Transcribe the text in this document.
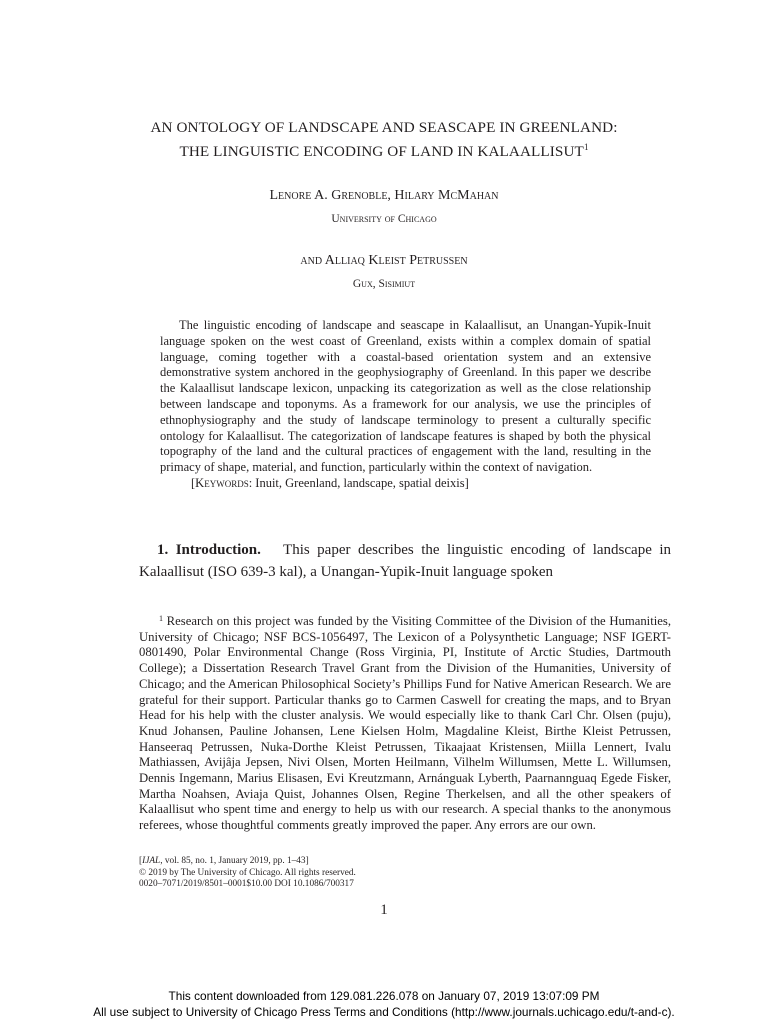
AN ONTOLOGY OF LANDSCAPE AND SEASCAPE IN GREENLAND: THE LINGUISTIC ENCODING OF LAND IN KALAALLISUT$^1$
Lenore A. Grenoble, Hilary McMahan
University of Chicago
and Alliaq Kleist Petrussen
Gux, Sisimiut

The linguistic encoding of landscape and seascape in Kalaallisut, an Unangan-Yupik-Inuit language spoken on the west coast of Greenland, exists within a complex domain of spatial language, coming together with a coastal-based orientation system and an extensive demonstrative system anchored in the geophysiography of Greenland. In this paper we describe the Kalaallisut landscape lexicon, unpacking its categorization as well as the close relationship between landscape and toponyms. As a framework for our analysis, we use the principles of ethnophysiography and the study of landscape terminology to present a culturally specific ontology for Kalaallisut. The categorization of landscape features is shaped by both the physical topography of the land and the cultural practices of engagement with the land, resulting in the primacy of shape, material, and function, particularly within the context of navigation.

[Keywords: Inuit, Greenland, landscape, spatial deixis]

1. Introduction. This paper describes the linguistic encoding of landscape in Kalaallisut (ISO 639-3 kal), a Unangan-Yupik-Inuit language spoken

$^1$ Research on this project was funded by the Visiting Committee of the Division of the Humanities, University of Chicago; NSF BCS-1056497, The Lexicon of a Polysynthetic Language; NSF IGERT-0801490, Polar Environmental Change (Ross Virginia, PI, Institute of Arctic Studies, Dartmouth College); a Dissertation Research Travel Grant from the Division of the Humanities, University of Chicago; and the American Philosophical Society’s Phillips Fund for Native American Research. We are grateful for their support. Particular thanks go to Carmen Caswell for creating the maps, and to Bryan Head for his help with the cluster analysis. We would especially like to thank Carl Chr. Olsen (puju), Knud Johansen, Pauline Johansen, Lene Kielsen Holm, Magdaline Kleist, Birthe Kleist Petrussen, Hanseeraq Petrussen, Nuka-Dorthe Kleist Petrussen, Tikaajaat Kristensen, Miilla Lennert, Ivalu Mathiassen, Avijâja Jepsen, Nivi Olsen, Morten Heilmann, Vilhelm Willumsen, Mette L. Willumsen, Dennis Ingemann, Marius Elisasen, Evi Kreutzmann, Arnánguak Lyberth, Paarnannguaq Egede Fisker, Martha Noahsen, Aviaja Quist, Johannes Olsen, Regine Therkelsen, and all the other speakers of Kalaallisut who spent time and energy to help us with our research. A special thanks to the anonymous referees, whose thoughtful comments greatly improved the paper. Any errors are our own.

[IJAL, vol. 85, no. 1, January 2019, pp. 1–43]
© 2019 by The University of Chicago. All rights reserved.
0020–7071/2019/8501–0001$10.00 DOI 10.1086/700317
1
This content downloaded from 129.081.226.078 on January 07, 2019 13:07:09 PM
All use subject to University of Chicago Press Terms and Conditions (http://www.journals.uchicago.edu/t-and-c).
